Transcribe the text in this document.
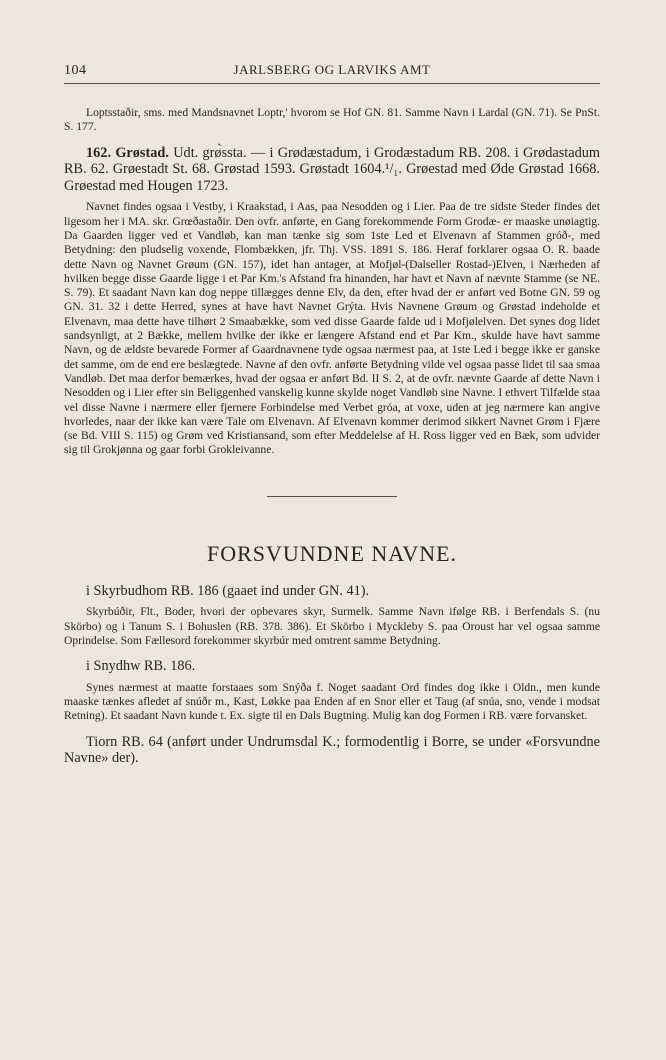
104	JARLSBERG OG LARVIKS AMT

Loptsstaðir, sms. med Mandsnavnet Loptr,' hvorom se Hof GN. 81. Samme Navn i Lardal (GN. 71). Se PnSt. S. 177.

162. Grøstad. Udt. grø̀ssta. — i Grødæstadum, i Grodæstadum RB. 208. i Grødastadum RB. 62. Grøestadt St. 68. Grøstad 1593. Grøstadt 1604.¹/₁. Grøestad med Øde Grøstad 1668. Grøestad med Hougen 1723.

Navnet findes ogsaa i Vestby, i Kraakstad, i Aas, paa Nesodden og i Lier. Paa de tre sidste Steder findes det ligesom her i MA. skr. Grœðastaðir. Den ovfr. anførte, en Gang forekommende Form Grodæ- er maaske unøiagtig. Da Gaarden ligger ved et Vandløb, kan man tænke sig som 1ste Led et Elvenavn af Stammen gróð-, med Betydning: den pludselig voxende, Flombækken, jfr. Thj. VSS. 1891 S. 186. Heraf forklarer ogsaa O. R. baade dette Navn og Navnet Grøum (GN. 157), idet han antager, at Mofjøl-(Dalseller Rostad-)Elven, i Nærheden af hvilken begge disse Gaarde ligge i et Par Km.'s Afstand fra hinanden, har havt et Navn af nævnte Stamme (se NE. S. 79). Et saadant Navn kan dog neppe tillægges denne Elv, da den, efter hvad der er anført ved Botne GN. 59 og GN. 31. 32 i dette Herred, synes at have havt Navnet Grýta. Hvis Navnene Grøum og Grøstad indeholde et Elvenavn, maa dette have tilhørt 2 Smaabække, som ved disse Gaarde falde ud i Mofjølelven. Det synes dog lidet sandsynligt, at 2 Bække, mellem hvilke der ikke er længere Afstand end et Par Km., skulde have havt samme Navn, og de ældste bevarede Former af Gaardnavnene tyde ogsaa nærmest paa, at 1ste Led i begge ikke er ganske det samme, om de end ere beslægtede. Navne af den ovfr. anførte Betydning vilde vel ogsaa passe lidet til saa smaa Vandløb. Det maa derfor bemærkes, hvad der ogsaa er anført Bd. II S. 2, at de ovfr. nævnte Gaarde af dette Navn i Nesodden og i Lier efter sin Beliggenhed vanskelig kunne skylde noget Vandløb sine Navne. I ethvert Tilfælde staa vel disse Navne i nærmere eller fjernere Forbindelse med Verbet gróa, at voxe, uden at jeg nærmere kan angive hvorledes, naar der ikke kan være Tale om Elvenavn. Af Elvenavn kommer derimod sikkert Navnet Grøm i Fjære (se Bd. VIII S. 115) og Grøm ved Kristiansand, som efter Meddelelse af H. Ross ligger ved en Bæk, som udvider sig til Grokjønna og gaar forbi Grokleivanne.

FORSVUNDNE NAVNE.

i Skyrbudhom RB. 186 (gaaet ind under GN. 41).

Skyrbúðir, Flt., Boder, hvori der opbevares skyr, Surmelk. Samme Navn ifølge RB. i Berfendals S. (nu Skörbo) og i Tanum S. i Bohuslen (RB. 378. 386). Et Skörbo i Myckleby S. paa Oroust har vel ogsaa samme Oprindelse. Som Fællesord forekommer skyrbúr med omtrent samme Betydning.

i Snydhw RB. 186.

Synes nærmest at maatte forstaaes som Snýða f. Noget saadant Ord findes dog ikke i Oldn., men kunde maaske tænkes afledet af snúðr m., Kast, Løkke paa Enden af en Snor eller et Taug (af snúa, sno, vende i modsat Retning). Et saadant Navn kunde t. Ex. sigte til en Dals Bugtning. Mulig kan dog Formen i RB. være forvansket.

Tiorn RB. 64 (anført under Undrumsdal K.; formodentlig i Borre, se under «Forsvundne Navne» der).
